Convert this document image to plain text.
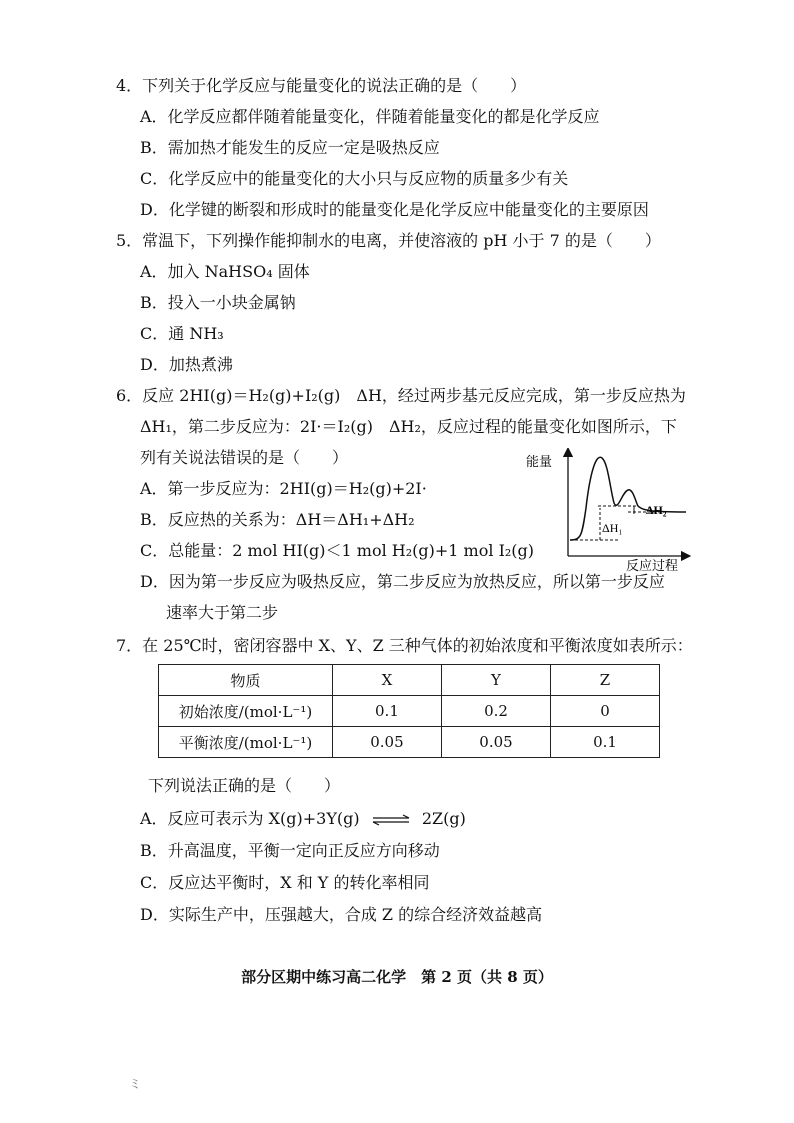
4．下列关于化学反应与能量变化的说法正确的是（　　）
A．化学反应都伴随着能量变化，伴随着能量变化的都是化学反应
B．需加热才能发生的反应一定是吸热反应
C．化学反应中的能量变化的大小只与反应物的质量多少有关
D．化学键的断裂和形成时的能量变化是化学反应中能量变化的主要原因
5．常温下，下列操作能抑制水的电离，并使溶液的 pH 小于 7 的是（　　）
A．加入 NaHSO₄ 固体
B．投入一小块金属钠
C．通 NH₃
D．加热煮沸
6．反应 2HI(g)＝H₂(g)+I₂(g)　ΔH，经过两步基元反应完成，第一步反应热为
ΔH₁，第二步反应为：2I·＝I₂(g)　ΔH₂，反应过程的能量变化如图所示，下
列有关说法错误的是（　　）
A．第一步反应为：2HI(g)＝H₂(g)+2I·
B．反应热的关系为：ΔH＝ΔH₁+ΔH₂
C．总能量：2 mol HI(g)＜1 mol H₂(g)+1 mol I₂(g)
D．因为第一步反应为吸热反应，第二步反应为放热反应，所以第一步反应
速率大于第二步
能量
反应过程
ΔH₁
ΔH₂
7．在 25℃时，密闭容器中 X、Y、Z 三种气体的初始浓度和平衡浓度如表所示：
物质	X	Y	Z
初始浓度/(mol·L⁻¹)	0.1	0.2	0
平衡浓度/(mol·L⁻¹)	0.05	0.05	0.1
下列说法正确的是（　　）
A．反应可表示为 X(g)+3Y(g) ⇌ 2Z(g)
B．升高温度，平衡一定向正反应方向移动
C．反应达平衡时，X 和 Y 的转化率相同
D．实际生产中，压强越大，合成 Z 的综合经济效益越高
部分区期中练习高二化学　第 2 页（共 8 页）
ミ
